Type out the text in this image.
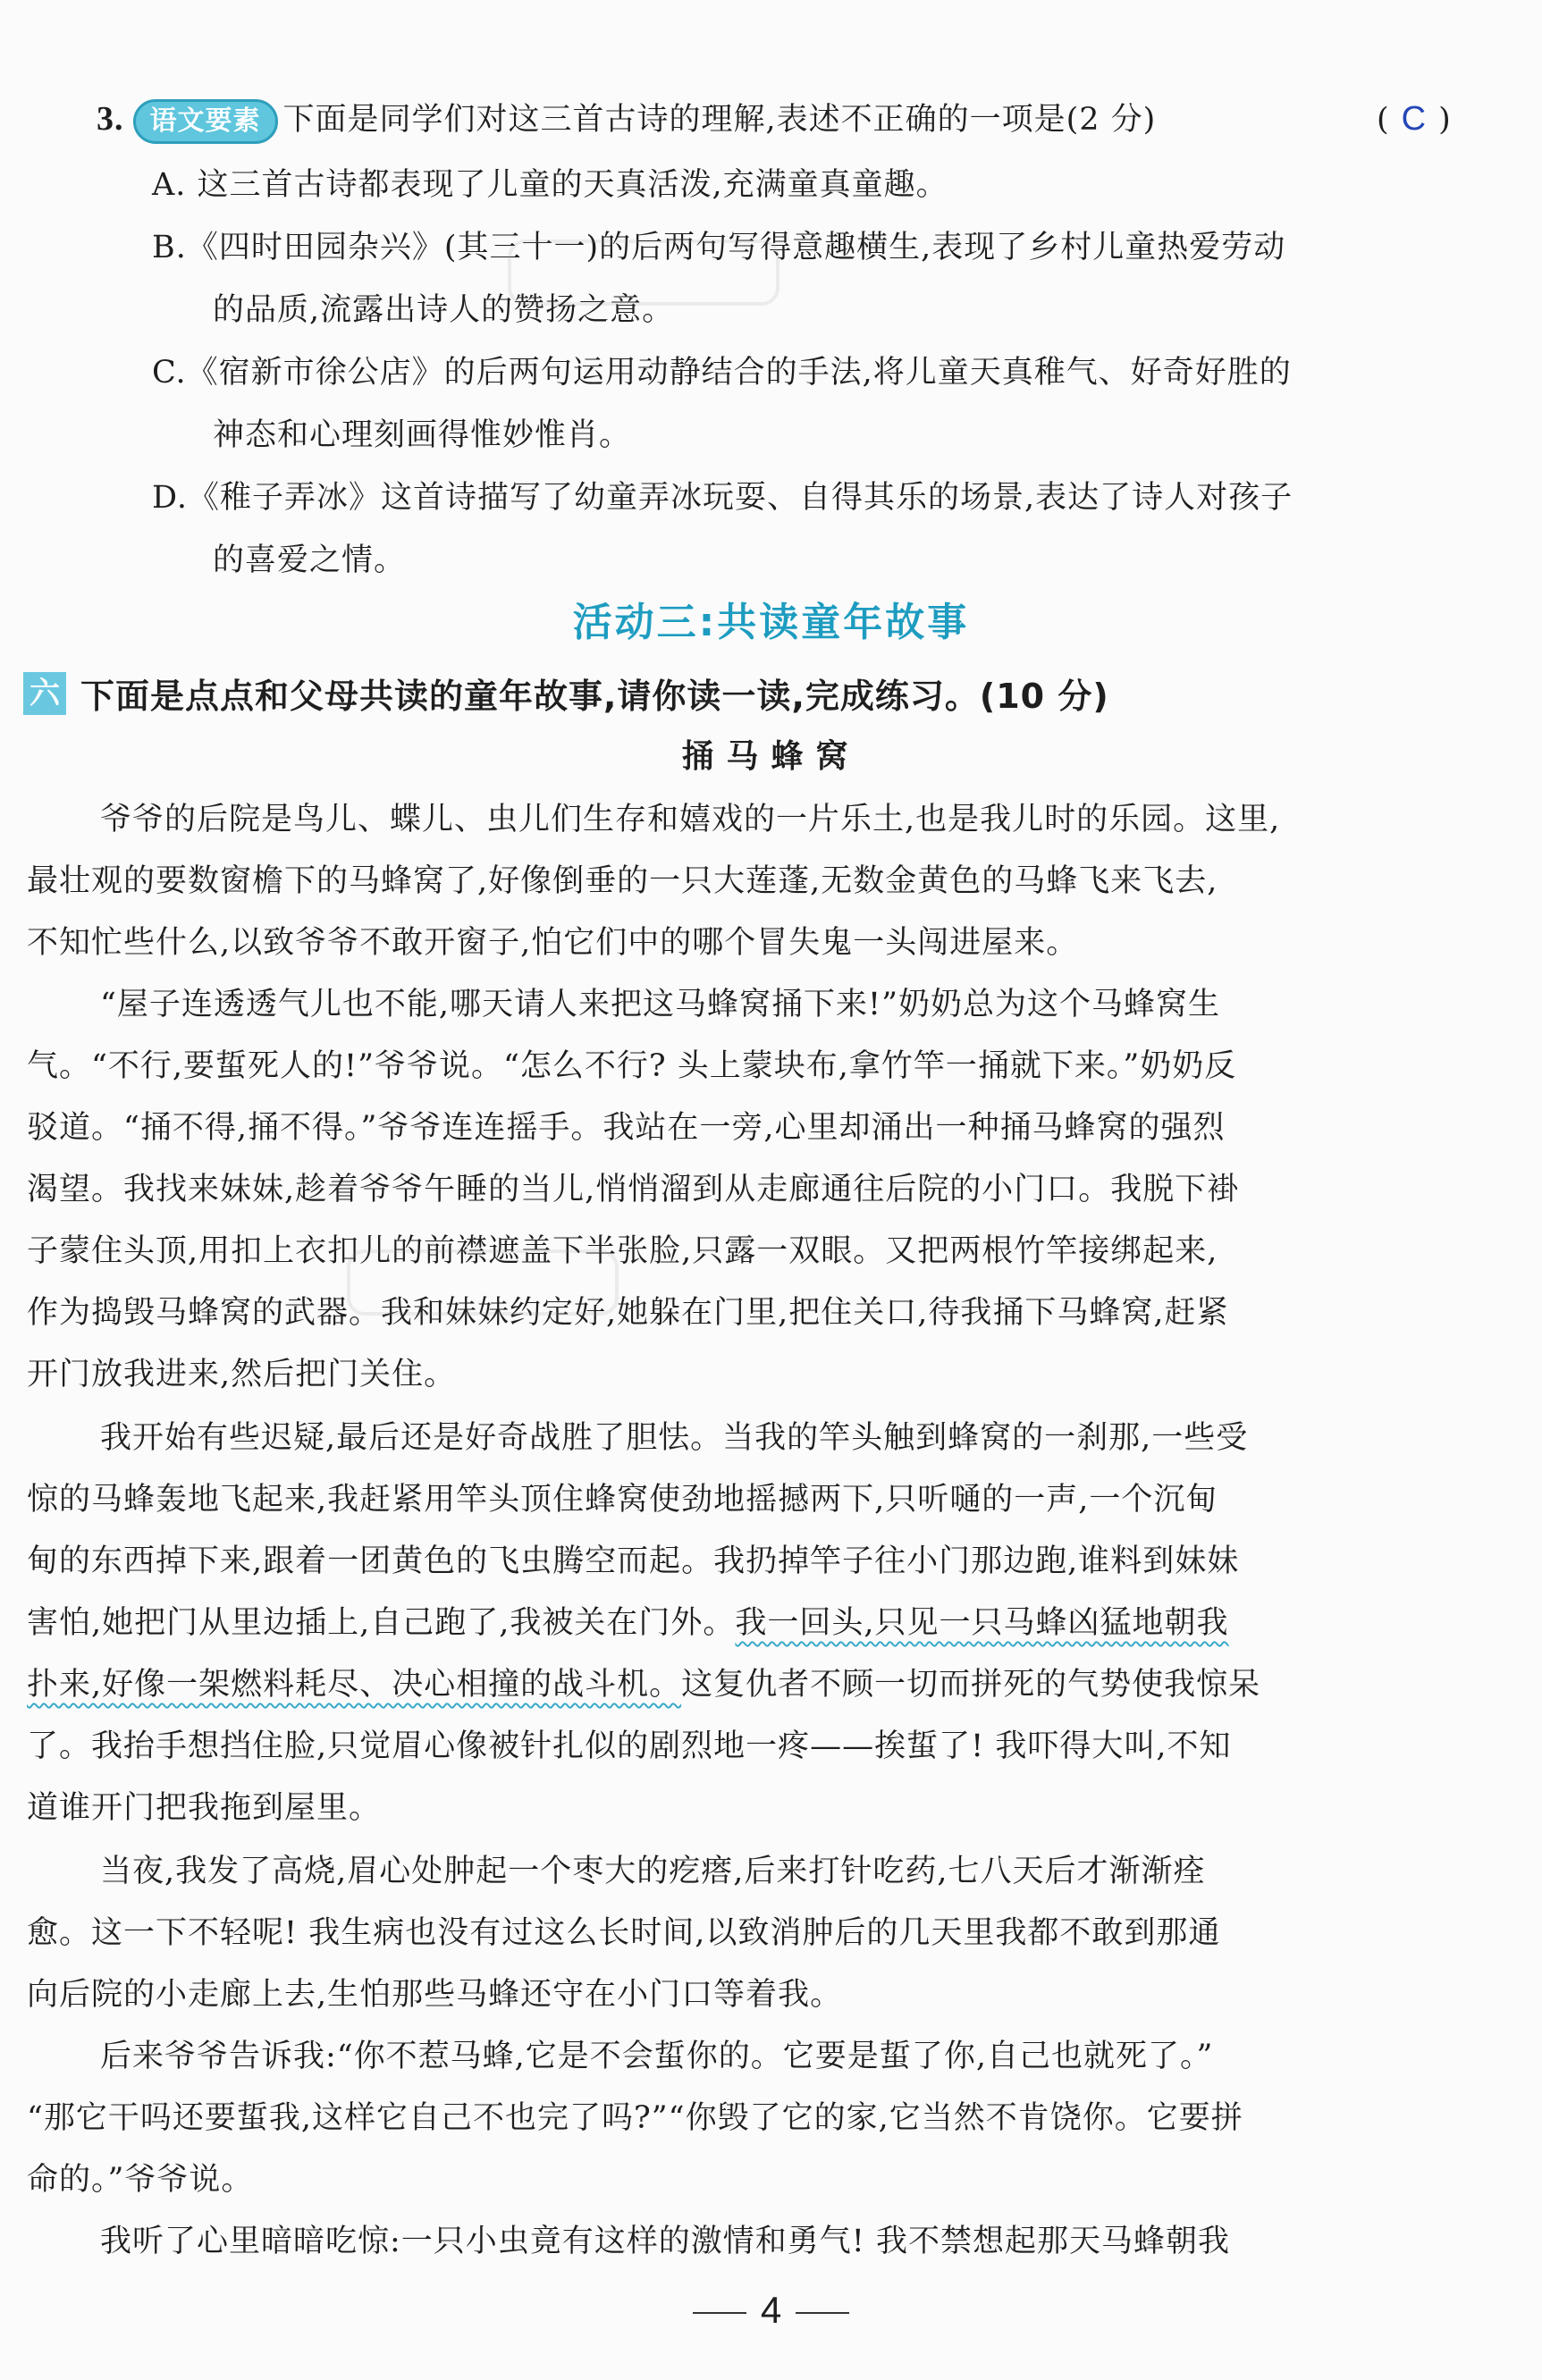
3. 语文要素 下面是同学们对这三首古诗的理解,表述不正确的一项是(2 分)	( C )
A. 这三首古诗都表现了儿童的天真活泼,充满童真童趣。
B.《四时田园杂兴》(其三十一)的后两句写得意趣横生,表现了乡村儿童热爱劳动
的品质,流露出诗人的赞扬之意。
C.《宿新市徐公店》的后两句运用动静结合的手法,将儿童天真稚气、好奇好胜的
神态和心理刻画得惟妙惟肖。
D.《稚子弄冰》这首诗描写了幼童弄冰玩耍、自得其乐的场景,表达了诗人对孩子
的喜爱之情。
活动三:共读童年故事
六 下面是点点和父母共读的童年故事,请你读一读,完成练习。(10 分)
捅马蜂窝
爷爷的后院是鸟儿、蝶儿、虫儿们生存和嬉戏的一片乐土,也是我儿时的乐园。这里,
最壮观的要数窗檐下的马蜂窝了,好像倒垂的一只大莲蓬,无数金黄色的马蜂飞来飞去,
不知忙些什么,以致爷爷不敢开窗子,怕它们中的哪个冒失鬼一头闯进屋来。
“屋子连透透气儿也不能,哪天请人来把这马蜂窝捅下来!”奶奶总为这个马蜂窝生
气。“不行,要蜇死人的!”爷爷说。“怎么不行? 头上蒙块布,拿竹竿一捅就下来。”奶奶反
驳道。“捅不得,捅不得。”爷爷连连摇手。我站在一旁,心里却涌出一种捅马蜂窝的强烈
渴望。我找来妹妹,趁着爷爷午睡的当儿,悄悄溜到从走廊通往后院的小门口。我脱下褂
子蒙住头顶,用扣上衣扣儿的前襟遮盖下半张脸,只露一双眼。又把两根竹竿接绑起来,
作为捣毁马蜂窝的武器。我和妹妹约定好,她躲在门里,把住关口,待我捅下马蜂窝,赶紧
开门放我进来,然后把门关住。
我开始有些迟疑,最后还是好奇战胜了胆怯。当我的竿头触到蜂窝的一刹那,一些受
惊的马蜂轰地飞起来,我赶紧用竿头顶住蜂窝使劲地摇撼两下,只听嗵的一声,一个沉甸
甸的东西掉下来,跟着一团黄色的飞虫腾空而起。我扔掉竿子往小门那边跑,谁料到妹妹
害怕,她把门从里边插上,自己跑了,我被关在门外。我一回头,只见一只马蜂凶猛地朝我
扑来,好像一架燃料耗尽、决心相撞的战斗机。这复仇者不顾一切而拼死的气势使我惊呆
了。我抬手想挡住脸,只觉眉心像被针扎似的剧烈地一疼——挨蜇了! 我吓得大叫,不知
道谁开门把我拖到屋里。
当夜,我发了高烧,眉心处肿起一个枣大的疙瘩,后来打针吃药,七八天后才渐渐痊
愈。这一下不轻呢! 我生病也没有过这么长时间,以致消肿后的几天里我都不敢到那通
向后院的小走廊上去,生怕那些马蜂还守在小门口等着我。
后来爷爷告诉我:“你不惹马蜂,它是不会蜇你的。它要是蜇了你,自己也就死了。”
“那它干吗还要蜇我,这样它自己不也完了吗?”“你毁了它的家,它当然不肯饶你。它要拼
命的。”爷爷说。
我听了心里暗暗吃惊:一只小虫竟有这样的激情和勇气! 我不禁想起那天马蜂朝我
4
